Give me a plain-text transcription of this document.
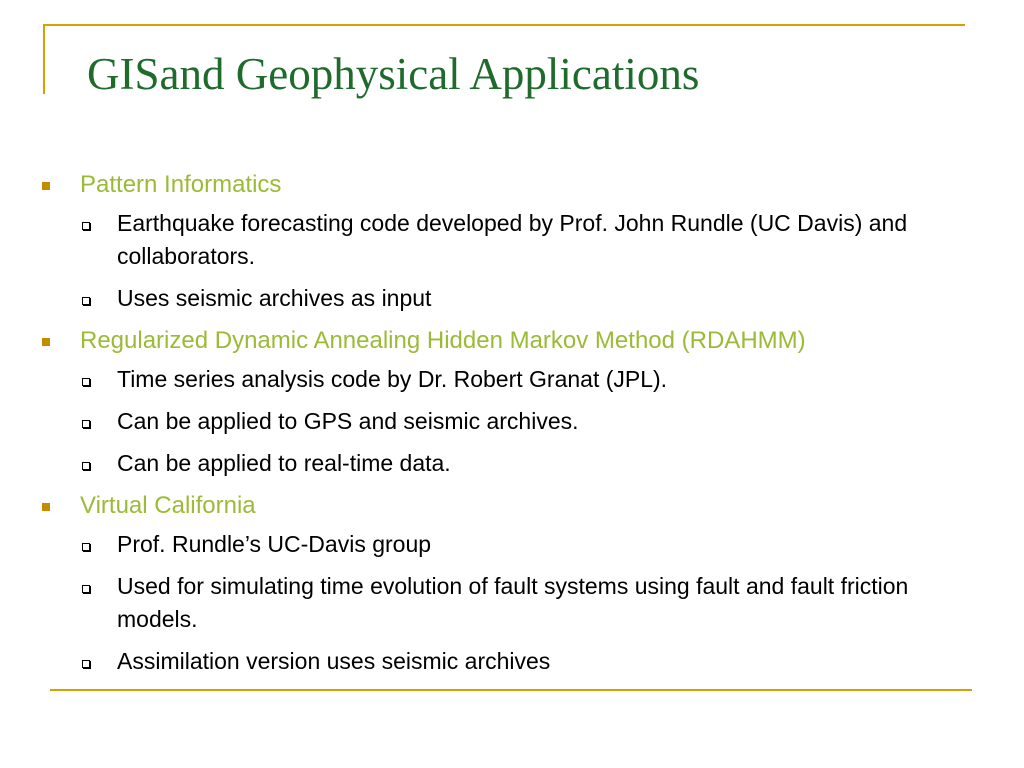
GISand Geophysical Applications
Pattern Informatics
Earthquake forecasting code developed by Prof. John Rundle (UC Davis) and collaborators.
Uses seismic archives as input
Regularized Dynamic Annealing Hidden Markov Method (RDAHMM)
Time series analysis code by Dr. Robert Granat (JPL).
Can be applied to GPS and seismic archives.
Can be applied to real-time data.
Virtual California
Prof. Rundle’s UC-Davis group
Used for simulating time evolution of fault systems using fault and fault friction models.
Assimilation version uses seismic archives
